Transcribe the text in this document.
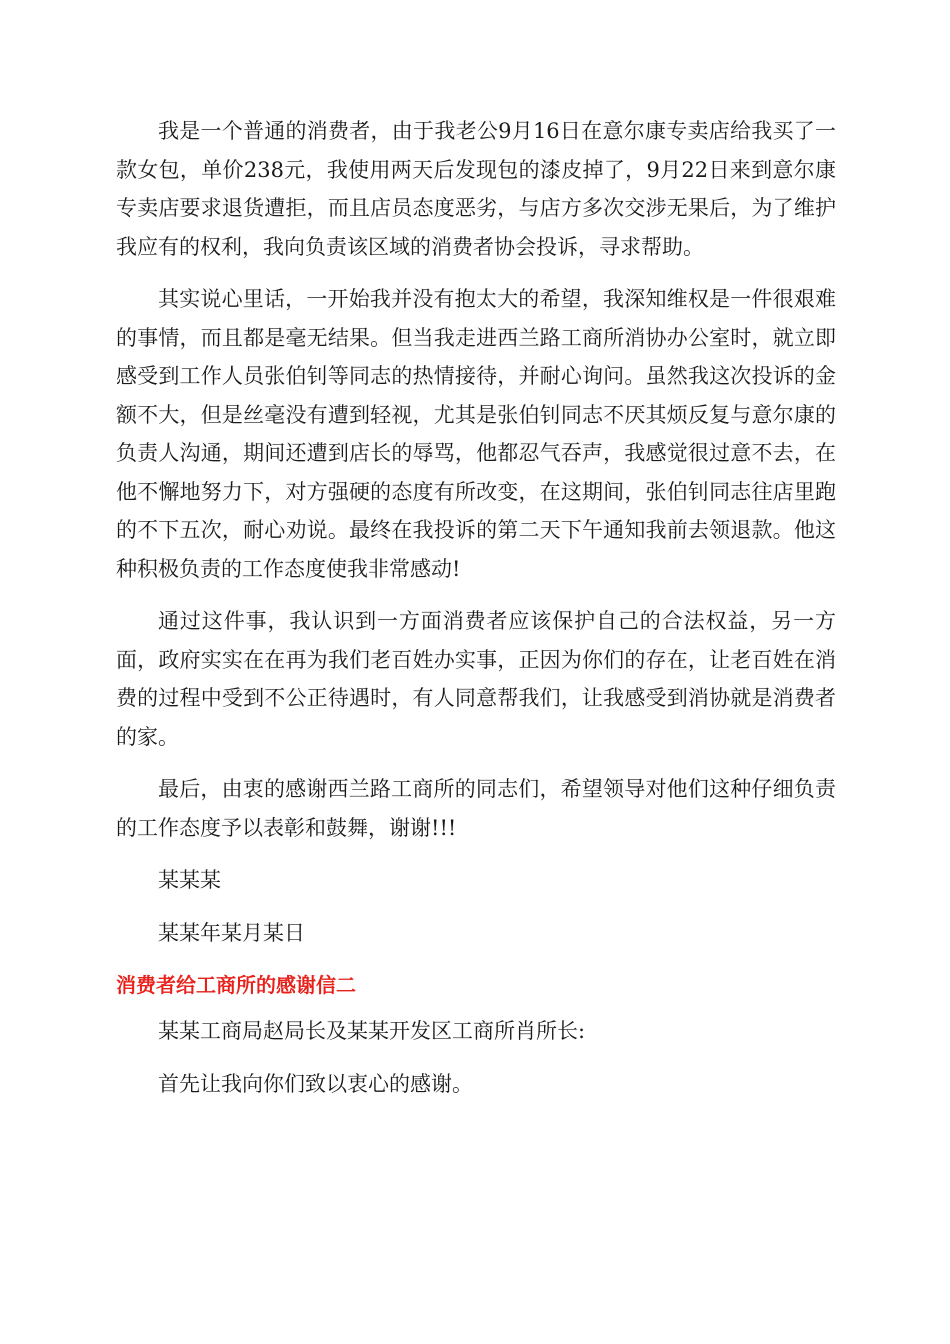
我是一个普通的消费者，由于我老公9月16日在意尔康专卖店给我买了一款女包，单价238元，我使用两天后发现包的漆皮掉了，9月22日来到意尔康专卖店要求退货遭拒，而且店员态度恶劣，与店方多次交涉无果后，为了维护我应有的权利，我向负责该区域的消费者协会投诉，寻求帮助。

其实说心里话，一开始我并没有抱太大的希望，我深知维权是一件很艰难的事情，而且都是毫无结果。但当我走进西兰路工商所消协办公室时，就立即感受到工作人员张伯钊等同志的热情接待，并耐心询问。虽然我这次投诉的金额不大，但是丝毫没有遭到轻视，尤其是张伯钊同志不厌其烦反复与意尔康的负责人沟通，期间还遭到店长的辱骂，他都忍气吞声，我感觉很过意不去，在他不懈地努力下，对方强硬的态度有所改变，在这期间，张伯钊同志往店里跑的不下五次，耐心劝说。最终在我投诉的第二天下午通知我前去领退款。他这种积极负责的工作态度使我非常感动!

通过这件事，我认识到一方面消费者应该保护自己的合法权益，另一方面，政府实实在在再为我们老百姓办实事，正因为你们的存在，让老百姓在消费的过程中受到不公正待遇时，有人同意帮我们，让我感受到消协就是消费者的家。

最后，由衷的感谢西兰路工商所的同志们，希望领导对他们这种仔细负责的工作态度予以表彰和鼓舞，谢谢!!!

某某某

某某年某月某日

消费者给工商所的感谢信二

某某工商局赵局长及某某开发区工商所肖所长:

首先让我向你们致以衷心的感谢。
